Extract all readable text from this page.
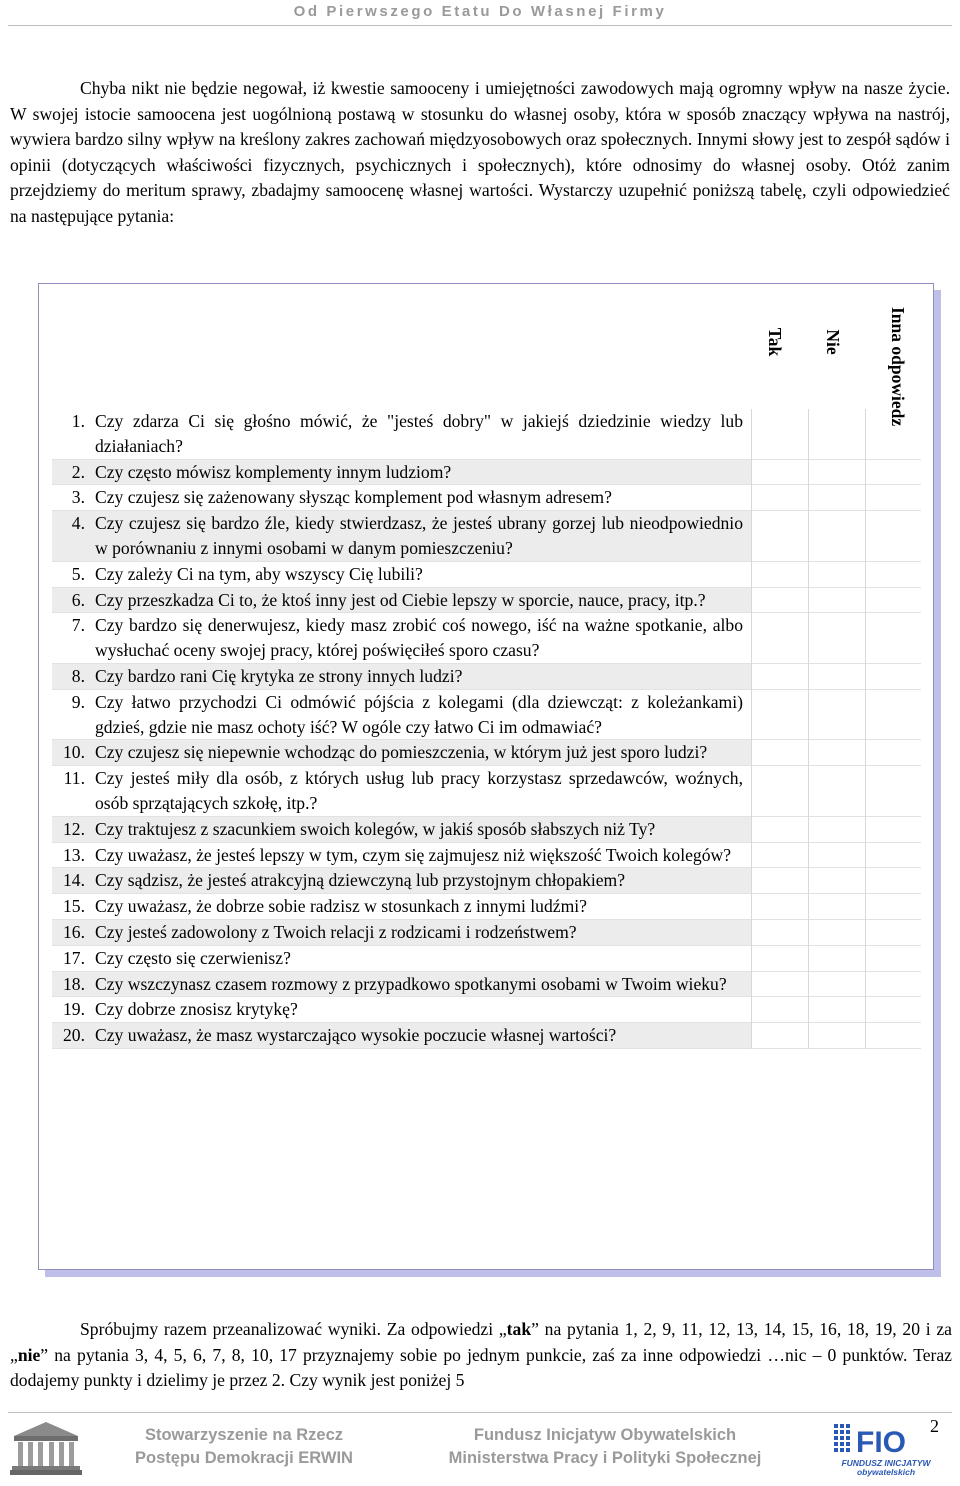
Od Pierwszego Etatu Do Własnej Firmy

Chyba nikt nie będzie negował, iż kwestie samooceny i umiejętności zawodowych mają ogromny wpływ na nasze życie. W swojej istocie samoocena jest uogólnioną postawą w stosunku do własnej osoby, która w sposób znaczący wpływa na nastrój, wywiera bardzo silny wpływ na kreślony zakres zachowań międzyosobowych oraz społecznych. Innymi słowy jest to zespół sądów i opinii (dotyczących właściwości fizycznych, psychicznych i społecznych), które odnosimy do własnej osoby. Otóż zanim przejdziemy do meritum sprawy, zbadajmy samoocenę własnej wartości. Wystarczy uzupełnić poniższą tabelę, czyli odpowiedzieć na następujące pytania:

Tak Nie	Inna odpowiedz
1.	Czy zdarza Ci się głośno mówić, że "jesteś dobry" w jakiejś dziedzinie wiedzy lub działaniach?			
2.	Czy często mówisz komplementy innym ludziom?			
3.	Czy czujesz się zażenowany słysząc komplement pod własnym adresem?			
4.	Czy czujesz się bardzo źle, kiedy stwierdzasz, że jesteś ubrany gorzej lub nieodpowiednio w porównaniu z innymi osobami w danym pomieszczeniu?			
5.	Czy zależy Ci na tym, aby wszyscy Cię lubili?			
6.	Czy przeszkadza Ci to, że ktoś inny jest od Ciebie lepszy w sporcie, nauce, pracy, itp.?			
7.	Czy bardzo się denerwujesz, kiedy masz zrobić coś nowego, iść na ważne spotkanie, albo wysłuchać oceny swojej pracy, której poświęciłeś sporo czasu?			
8.	Czy bardzo rani Cię krytyka ze strony innych ludzi?			
9.	Czy łatwo przychodzi Ci odmówić pójścia z kolegami (dla dziewcząt: z koleżankami) gdzieś, gdzie nie masz ochoty iść? W ogóle czy łatwo Ci im odmawiać?			
10.	Czy czujesz się niepewnie wchodząc do pomieszczenia, w którym już jest sporo ludzi?			
11.	Czy jesteś miły dla osób, z których usług lub pracy korzystasz sprzedawców, woźnych, osób sprzątających szkołę, itp.?			
12.	Czy traktujesz z szacunkiem swoich kolegów, w jakiś sposób słabszych niż Ty?			
13.	Czy uważasz, że jesteś lepszy w tym, czym się zajmujesz niż większość Twoich kolegów?			
14.	Czy sądzisz, że jesteś atrakcyjną dziewczyną lub przystojnym chłopakiem?			
15.	Czy uważasz, że dobrze sobie radzisz w stosunkach z innymi ludźmi?			
16.	Czy jesteś zadowolony z Twoich relacji z rodzicami i rodzeństwem?			
17.	Czy często się czerwienisz?			
18.	Czy wszczynasz czasem rozmowy z przypadkowo spotkanymi osobami w Twoim wieku?			
19.	Czy dobrze znosisz krytykę?			
20.	Czy uważasz, że masz wystarczająco wysokie poczucie własnej wartości?			

Spróbujmy razem przeanalizować wyniki. Za odpowiedzi „tak” na pytania 1, 2, 9, 11, 12, 13, 14, 15, 16, 18, 19, 20 i za „nie” na pytania 3, 4, 5, 6, 7, 8, 10, 17 przyznajemy sobie po jednym punkcie, zaś za inne odpowiedzi …nic – 0 punktów. Teraz dodajemy punkty i dzielimy je przez 2. Czy wynik jest poniżej 5

Stowarzyszenie na Rzecz
Postępu Demokracji ERWIN
Fundusz Inicjatyw Obywatelskich
Ministerstwa Pracy i Polityki Społecznej
2
FIO
FUNDUSZ INICJATYW
obywatelskich
